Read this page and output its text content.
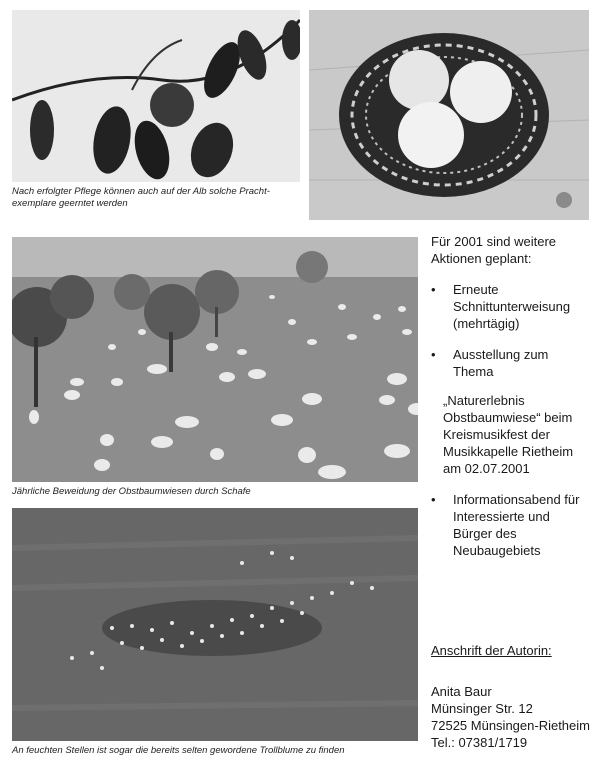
Nach erfolgter Pflege können auch auf der Alb solche Pracht-exemplare geerntet werden
Jährliche Beweidung der Obstbaumwiesen durch Schafe
An feuchten Stellen ist sogar die bereits selten gewordene Trollblume zu finden
Für 2001 sind weitere Aktionen geplant:
•	Erneute Schnittunterweisung (mehrtägig)
•	Ausstellung zum Thema
„Naturerlebnis Obstbaumwiese“ beim Kreismusikfest der Musikkapelle Rietheim am 02.07.2001
•	Informationsabend für Interessierte und Bürger des Neubaugebiets
Anschrift der Autorin:
Anita Baur
Münsinger Str. 12
72525 Münsingen-Rietheim
Tel.: 07381/1719
